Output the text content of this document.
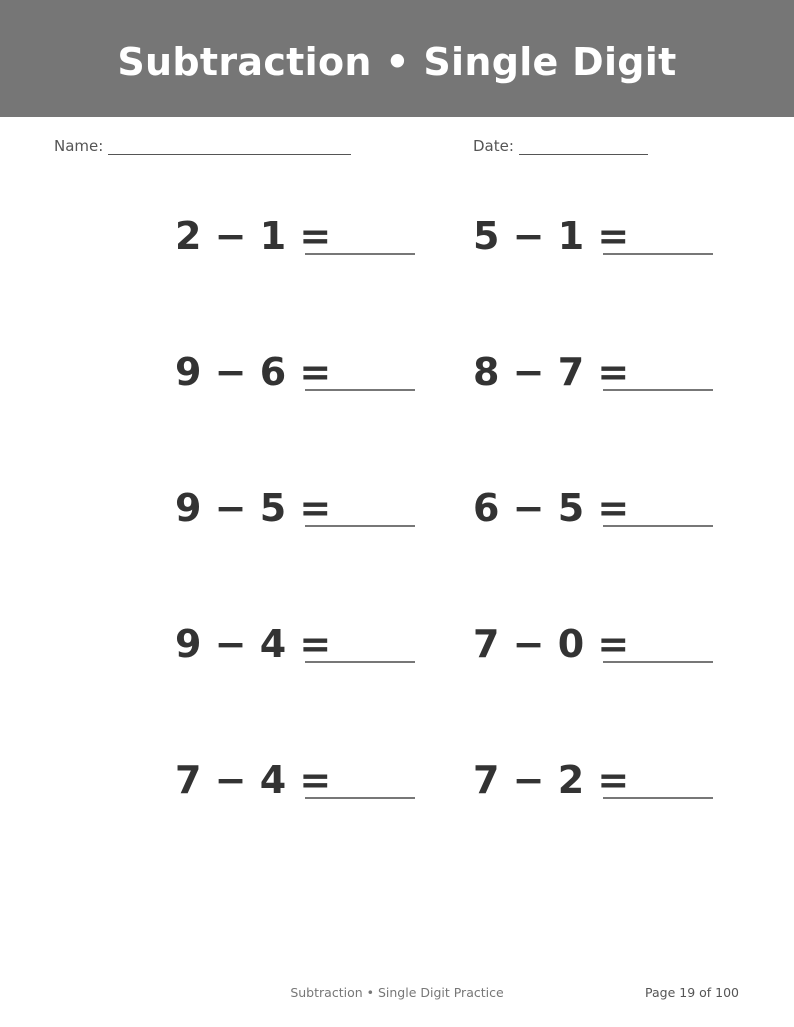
Subtraction • Single Digit
Name:	Date:
2 − 1 =	5 − 1 =
9 − 6 =	8 − 7 =
9 − 5 =	6 − 5 =
9 − 4 =	7 − 0 =
7 − 4 =	7 − 2 =
Subtraction • Single Digit Practice	Page 19 of 100
